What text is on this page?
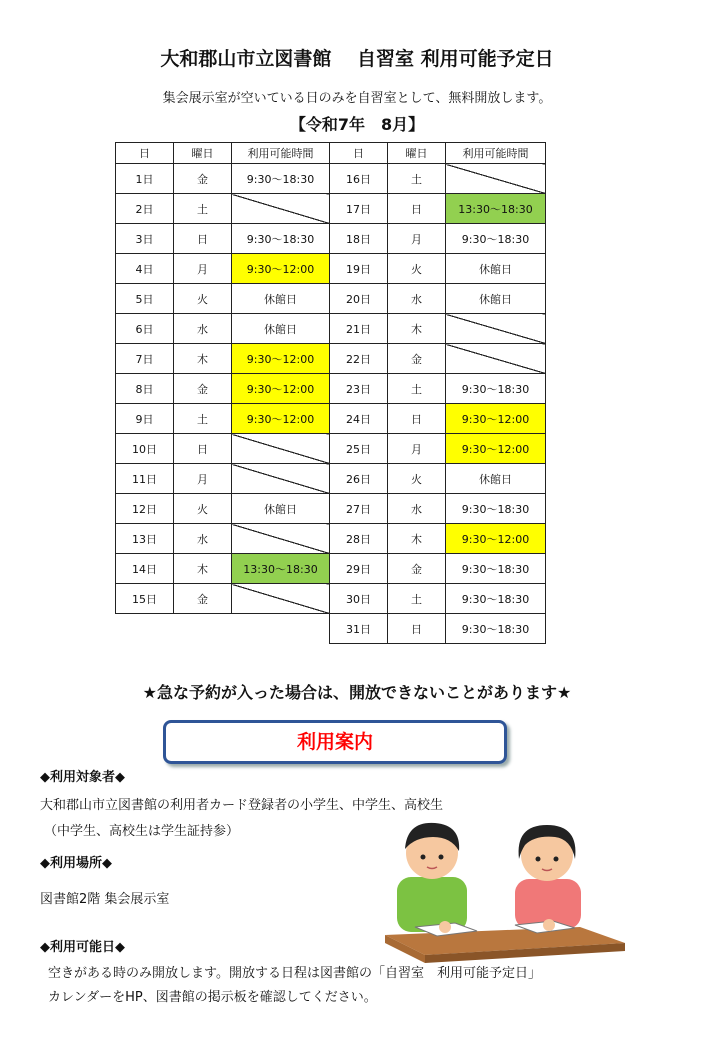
大和郡山市立図書館　 自習室 利用可能予定日
集会展示室が空いている日のみを自習室として、無料開放します。
【令和7年　8月】
日	曜日	利用可能時間
1日	金	9:30～18:30
2日	土	
3日	日	9:30～18:30
4日	月	9:30～12:00
5日	火	休館日
6日	水	休館日
7日	木	9:30～12:00
8日	金	9:30～12:00
9日	土	9:30～12:00
10日	日	
11日	月	
12日	火	休館日
13日	水	
14日	木	13:30～18:30
15日	金	
日	曜日	利用可能時間
16日	土	
17日	日	13:30～18:30
18日	月	9:30～18:30
19日	火	休館日
20日	水	休館日
21日	木	
22日	金	
23日	土	9:30～18:30
24日	日	9:30～12:00
25日	月	9:30～12:00
26日	火	休館日
27日	水	9:30～18:30
28日	木	9:30～12:00
29日	金	9:30～18:30
30日	土	9:30～18:30
31日	日	9:30～18:30
★急な予約が入った場合は、開放できないことがあります★
利用案内
◆利用対象者◆
大和郡山市立図書館の利用者カード登録者の小学生、中学生、高校生
（中学生、高校生は学生証持参）
◆利用場所◆
図書館2階 集会展示室
◆利用可能日◆
空きがある時のみ開放します。開放する日程は図書館の「自習室　利用可能予定日」
カレンダーをHP、図書館の掲示板を確認してください。
